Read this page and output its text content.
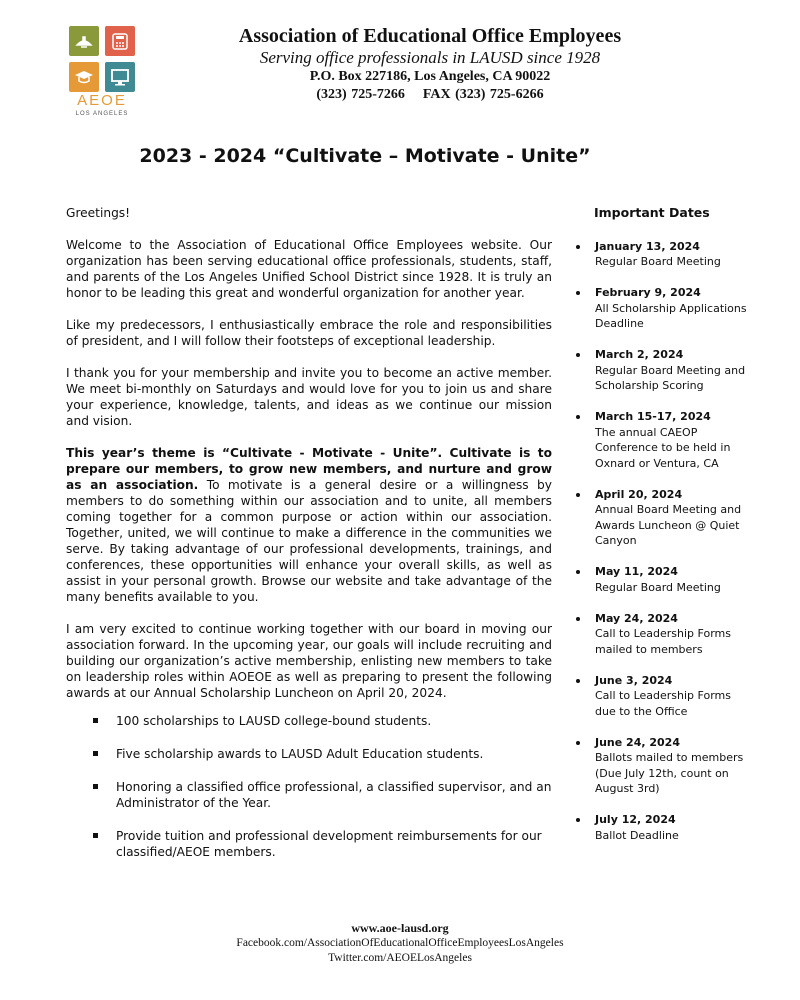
AEOE
LOS ANGELES
Association of Educational Office Employees
Serving office professionals in LAUSD since 1928
P.O. Box 227186, Los Angeles, CA 90022
(323) 725-7266    FAX (323) 725-6266
2023 - 2024 “Cultivate – Motivate - Unite”

Greetings!

Welcome to the Association of Educational Office Employees website. Our organization has been serving educational office professionals, students, staff, and parents of the Los Angeles Unified School District since 1928. It is truly an honor to be leading this great and wonderful organization for another year.

Like my predecessors, I enthusiastically embrace the role and responsibilities of president, and I will follow their footsteps of exceptional leadership.

I thank you for your membership and invite you to become an active member. We meet bi-monthly on Saturdays and would love for you to join us and share your experience, knowledge, talents, and ideas as we continue our mission and vision.

This year’s theme is “Cultivate - Motivate - Unite”. Cultivate is to prepare our members, to grow new members, and nurture and grow as an association. To motivate is a general desire or a willingness by members to do something within our association and to unite, all members coming together for a common purpose or action within our association. Together, united, we will continue to make a difference in the communities we serve. By taking advantage of our professional developments, trainings, and conferences, these opportunities will enhance your overall skills, as well as assist in your personal growth. Browse our website and take advantage of the many benefits available to you.

I am very excited to continue working together with our board in moving our association forward. In the upcoming year, our goals will include recruiting and building our organization’s active membership, enlisting new members to take on leadership roles within AOEOE as well as preparing to present the following awards at our Annual Scholarship Luncheon on April 20, 2024.

100 scholarships to LAUSD college-bound students.
Five scholarship awards to LAUSD Adult Education students.
Honoring a classified office professional, a classified supervisor, and an Administrator of the Year.
Provide tuition and professional development reimbursements for our classified/AEOE members.
Important Dates
January 13, 2024
Regular Board Meeting
February 9, 2024
All Scholarship Applications Deadline
March 2, 2024
Regular Board Meeting and Scholarship Scoring
March 15-17, 2024
The annual CAEOP Conference to be held in Oxnard or Ventura, CA
April 20, 2024
Annual Board Meeting and Awards Luncheon @ Quiet Canyon
May 11, 2024
Regular Board Meeting
May 24, 2024
Call to Leadership Forms mailed to members
June 3, 2024
Call to Leadership Forms due to the Office
June 24, 2024
Ballots mailed to members (Due July 12th, count on August 3rd)
July 12, 2024
Ballot Deadline
www.aoe-lausd.org
Facebook.com/AssociationOfEducationalOfficeEmployeesLosAngeles
Twitter.com/AEOELosAngeles
